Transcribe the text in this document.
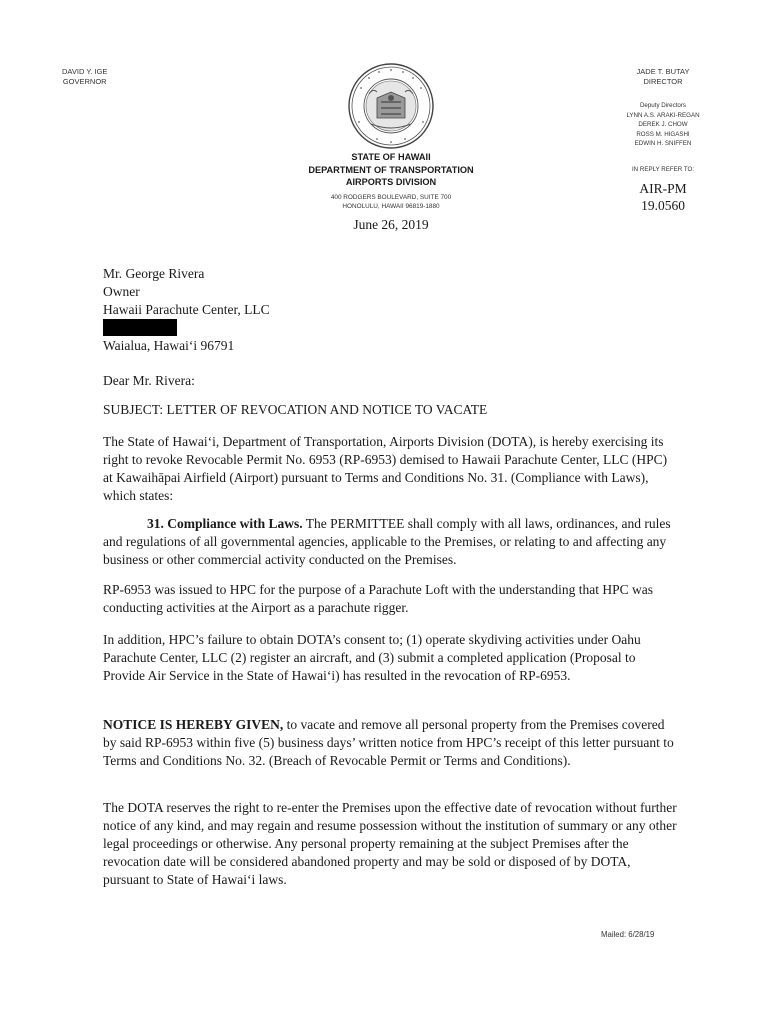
DAVID Y. IGE
GOVERNOR
JADE T. BUTAY
DIRECTOR
Deputy Directors
LYNN A.S. ARAKI-REGAN
DEREK J. CHOW
ROSS M. HIGASHI
EDWIN H. SNIFFEN
IN REPLY REFER TO:
AIR-PM
19.0560
STATE OF HAWAII
DEPARTMENT OF TRANSPORTATION
AIRPORTS DIVISION
400 RODGERS BOULEVARD, SUITE 700
HONOLULU, HAWAII 96819-1880
June 26, 2019
Mr. George Rivera
Owner
Hawaii Parachute Center, LLC
Waialua, Hawai‘i 96791
Dear Mr. Rivera:
SUBJECT: LETTER OF REVOCATION AND NOTICE TO VACATE
The State of Hawai‘i, Department of Transportation, Airports Division (DOTA), is hereby exercising its right to revoke Revocable Permit No. 6953 (RP-6953) demised to Hawaii Parachute Center, LLC (HPC) at Kawaihāpai Airfield (Airport) pursuant to Terms and Conditions No. 31. (Compliance with Laws), which states:
31. Compliance with Laws. The PERMITTEE shall comply with all laws, ordinances, and rules and regulations of all governmental agencies, applicable to the Premises, or relating to and affecting any business or other commercial activity conducted on the Premises.
RP-6953 was issued to HPC for the purpose of a Parachute Loft with the understanding that HPC was conducting activities at the Airport as a parachute rigger.
In addition, HPC’s failure to obtain DOTA’s consent to; (1) operate skydiving activities under Oahu Parachute Center, LLC (2) register an aircraft, and (3) submit a completed application (Proposal to Provide Air Service in the State of Hawai‘i) has resulted in the revocation of RP-6953.
NOTICE IS HEREBY GIVEN, to vacate and remove all personal property from the Premises covered by said RP-6953 within five (5) business days’ written notice from HPC’s receipt of this letter pursuant to Terms and Conditions No. 32. (Breach of Revocable Permit or Terms and Conditions).
The DOTA reserves the right to re-enter the Premises upon the effective date of revocation without further notice of any kind, and may regain and resume possession without the institution of summary or any other legal proceedings or otherwise. Any personal property remaining at the subject Premises after the revocation date will be considered abandoned property and may be sold or disposed of by DOTA, pursuant to State of Hawai‘i laws.
Mailed: 6/28/19
